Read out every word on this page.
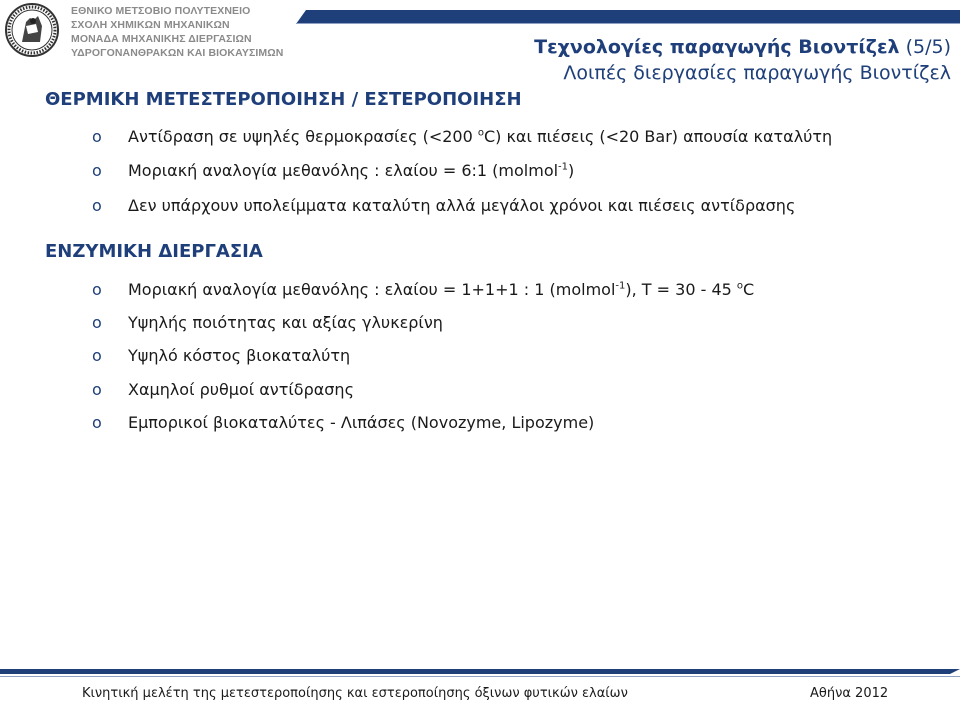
ΕΘΝΙΚΟ ΜΕΤΣΟΒΙΟ ΠΟΛΥΤΕΧΝΕΙΟ
ΣΧΟΛΗ ΧΗΜΙΚΩΝ ΜΗΧΑΝΙΚΩΝ
ΜΟΝΑΔΑ ΜΗΧΑΝΙΚΗΣ ΔΙΕΡΓΑΣΙΩΝ
ΥΔΡΟΓΟΝΑΝΘΡΑΚΩΝ ΚΑΙ ΒΙΟΚΑΥΣΙΜΩΝ	Τεχνολογίες παραγωγής Βιοντίζελ (5/5)
Λοιπές διεργασίες παραγωγής Βιοντίζελ
ΘΕΡΜΙΚΗ ΜΕΤΕΣΤΕΡΟΠΟΙΗΣΗ / ΕΣΤΕΡΟΠΟΙΗΣΗ
o Αντίδραση σε υψηλές θερμοκρασίες (<200 $^o$C) και πιέσεις (<20 Bar) απουσία καταλύτη
o Μοριακή αναλογία μεθανόλης : ελαίου = 6:1 (molmol$^{-1}$)
o Δεν υπάρχουν υπολείμματα καταλύτη αλλά μεγάλοι χρόνοι και πιέσεις αντίδρασης
ΕΝΖΥΜΙΚΗ ΔΙΕΡΓΑΣΙΑ
o Μοριακή αναλογία μεθανόλης : ελαίου = 1+1+1 : 1 (molmol$^{-1}$), T = 30 - 45 $^o$C
o Υψηλής ποιότητας και αξίας γλυκερίνη
o Υψηλό κόστος βιοκαταλύτη
o Χαμηλοί ρυθμοί αντίδρασης
o Εμπορικοί βιοκαταλύτες - Λιπάσες (Novozyme, Lipozyme)
Κινητική μελέτη της μετεστεροποίησης και εστεροποίησης όξινων φυτικών ελαίων	Αθήνα 2012
